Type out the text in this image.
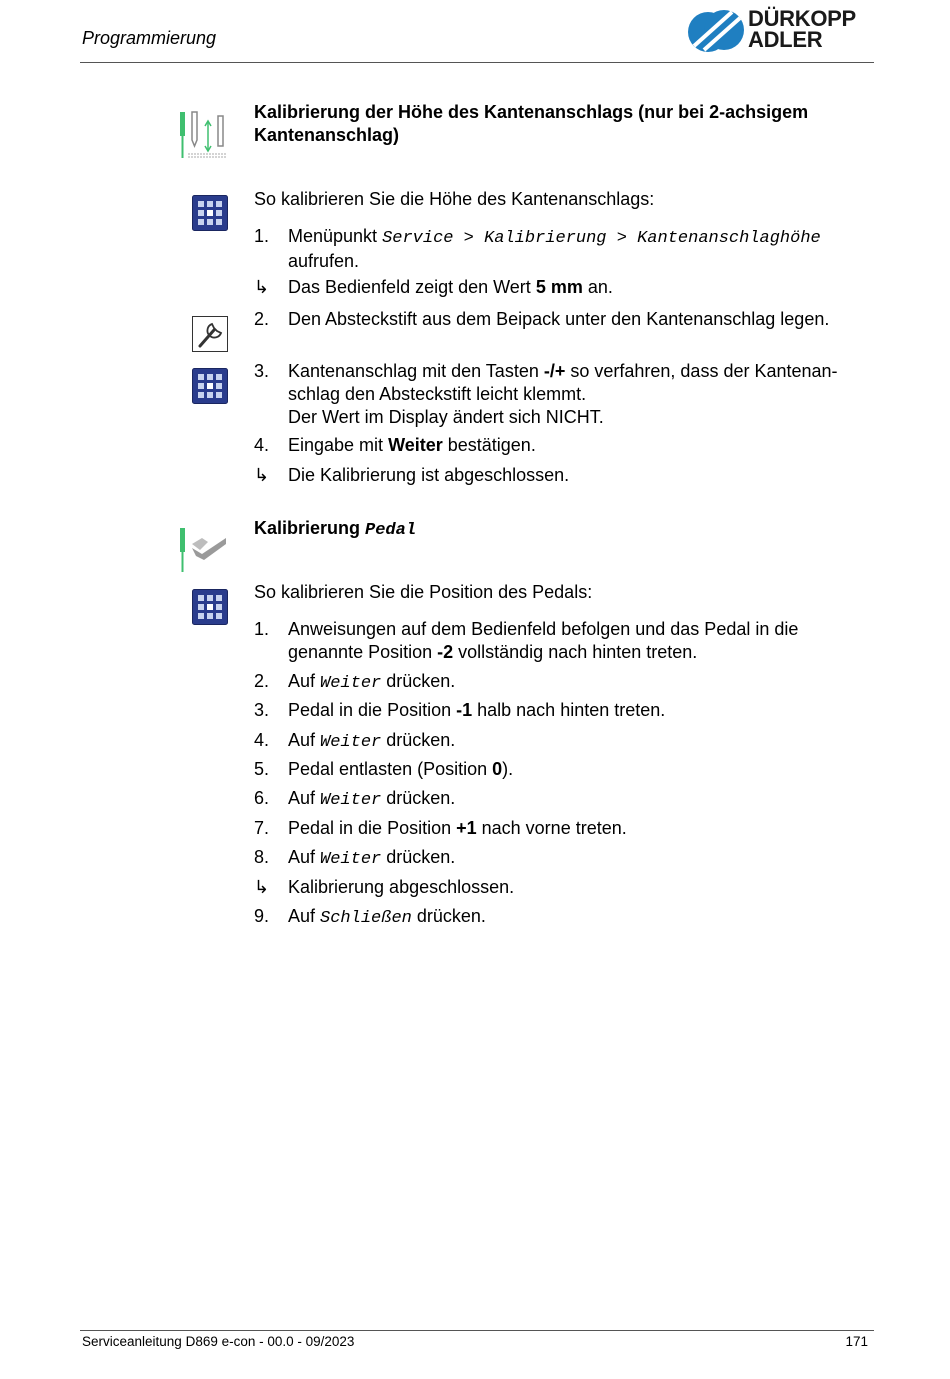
Programmierung
DÜRKOPP
ADLER
Kalibrierung der Höhe des Kantenanschlags (nur bei 2-achsigem
Kantenanschlag)
So kalibrieren Sie die Höhe des Kantenanschlags:
1. Menüpunkt Service > Kalibrierung > Kantenanschlaghöhe
aufrufen.
↳ Das Bedienfeld zeigt den Wert 5 mm an.
2. Den Absteckstift aus dem Beipack unter den Kantenanschlag legen.
3. Kantenanschlag mit den Tasten -/+ so verfahren, dass der Kantenan-
schlag den Absteckstift leicht klemmt.
Der Wert im Display ändert sich NICHT.
4. Eingabe mit Weiter bestätigen.
↳ Die Kalibrierung ist abgeschlossen.
Kalibrierung Pedal
So kalibrieren Sie die Position des Pedals:
1. Anweisungen auf dem Bedienfeld befolgen und das Pedal in die
genannte Position -2 vollständig nach hinten treten.
2. Auf Weiter drücken.
3. Pedal in die Position -1 halb nach hinten treten.
4. Auf Weiter drücken.
5. Pedal entlasten (Position 0).
6. Auf Weiter drücken.
7. Pedal in die Position +1 nach vorne treten.
8. Auf Weiter drücken.
↳ Kalibrierung abgeschlossen.
9. Auf Schließen drücken.
Serviceanleitung D869 e-con - 00.0 - 09/2023	171
